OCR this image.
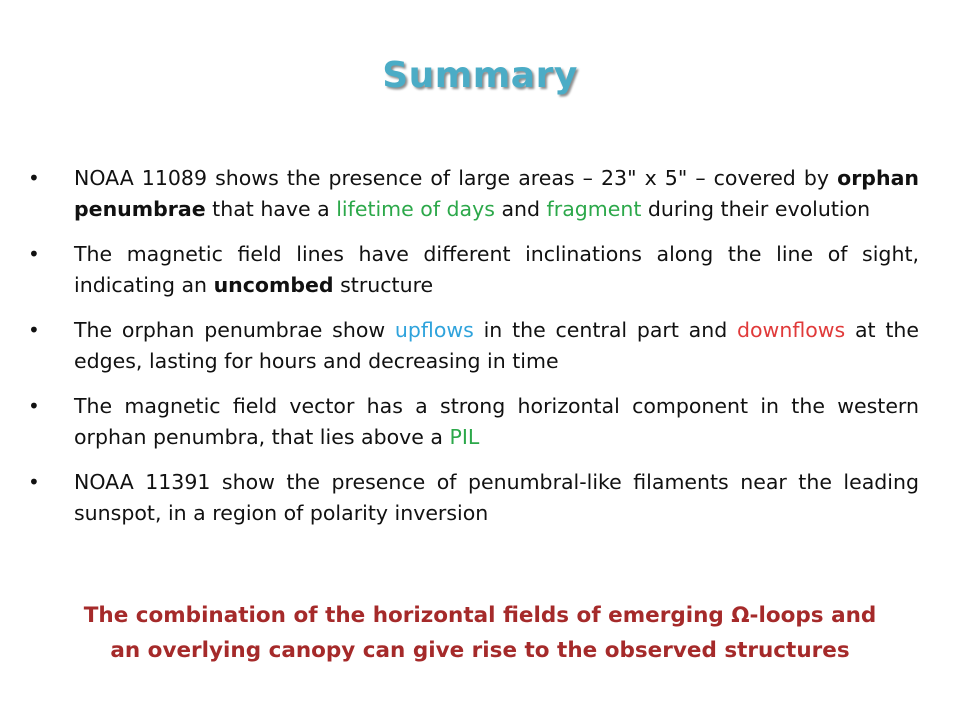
Summary
• NOAA 11089 shows the presence of large areas – 23" x 5" – covered by orphan penumbrae that have a lifetime of days and fragment during their evolution
• The magnetic field lines have different inclinations along the line of sight, indicating an uncombed structure
• The orphan penumbrae show upflows in the central part and downflows at the edges, lasting for hours and decreasing in time
• The magnetic field vector has a strong horizontal component in the western orphan penumbra, that lies above a PIL
• NOAA 11391 show the presence of penumbral-like filaments near the leading sunspot, in a region of polarity inversion
The combination of the horizontal fields of emerging Ω-loops and
an overlying canopy can give rise to the observed structures
